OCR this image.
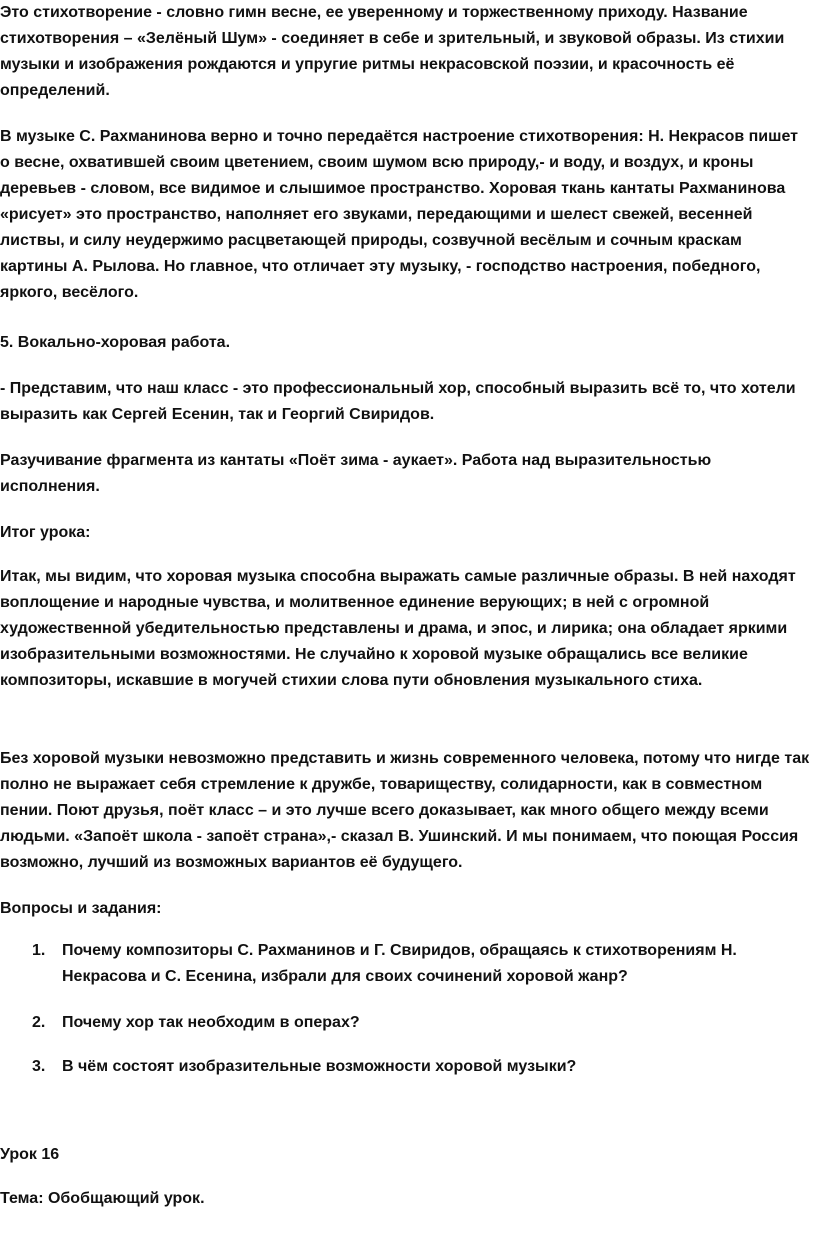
Это стихотворение - словно гимн весне, ее уверенному и торжественному приходу. Название стихотворения – «Зелёный Шум» - соединяет в себе и зрительный, и звуковой образы. Из стихии музыки и изображения рождаются и упругие ритмы некрасовской поэзии, и красочность её определений.

В музыке С. Рахманинова верно и точно передаётся настроение стихотворения: Н. Некрасов пишет о весне, охватившей своим цветением, своим шумом всю природу,- и воду, и воздух, и кроны деревьев - словом, все видимое и слышимое пространство. Хоровая ткань кантаты Рахманинова «рисует» это пространство, наполняет его звуками, передающими и шелест свежей, весенней листвы, и силу неудержимо расцветающей природы, созвучной весёлым и сочным краскам картины А. Рылова. Но главное, что отличает эту музыку, - господство настроения, победного, яркого, весёлого.

5. Вокально-хоровая работа.

- Представим, что наш класс - это профессиональный хор, способный выразить всё то, что хотели выразить как Сергей Есенин, так и Георгий Свиридов.

Разучивание фрагмента из кантаты «Поёт зима - аукает». Работа над выразительностью исполнения.

Итог урока:

Итак, мы видим, что хоровая музыка способна выражать самые различные образы. В ней находят воплощение и народные чувства, и молитвенное единение верующих; в ней с огромной художественной убедительностью представлены и драма, и эпос, и лирика; она обладает яркими изобразительными возможностями. Не случайно к хоровой музыке обращались все великие композиторы, искавшие в могучей стихии слова пути обновления музыкального стиха.

Без хоровой музыки невозможно представить и жизнь современного человека, потому что нигде так полно не выражает себя стремление к дружбе, товариществу, солидарности, как в совместном пении. Поют друзья, поёт класс – и это лучше всего доказывает, как много общего между всеми людьми. «Запоёт школа - запоёт страна»,- сказал В. Ушинский. И мы понимаем, что поющая Россия возможно, лучший из возможных вариантов её будущего.

Вопросы и задания:

1. Почему композиторы С. Рахманинов и Г. Свиридов, обращаясь к стихотворениям Н. Некрасова и С. Есенина, избрали для своих сочинений хоровой жанр?
2. Почему хор так необходим в операх?
3. В чём состоят изобразительные возможности хоровой музыки?

Урок 16

Тема: Обобщающий урок.
